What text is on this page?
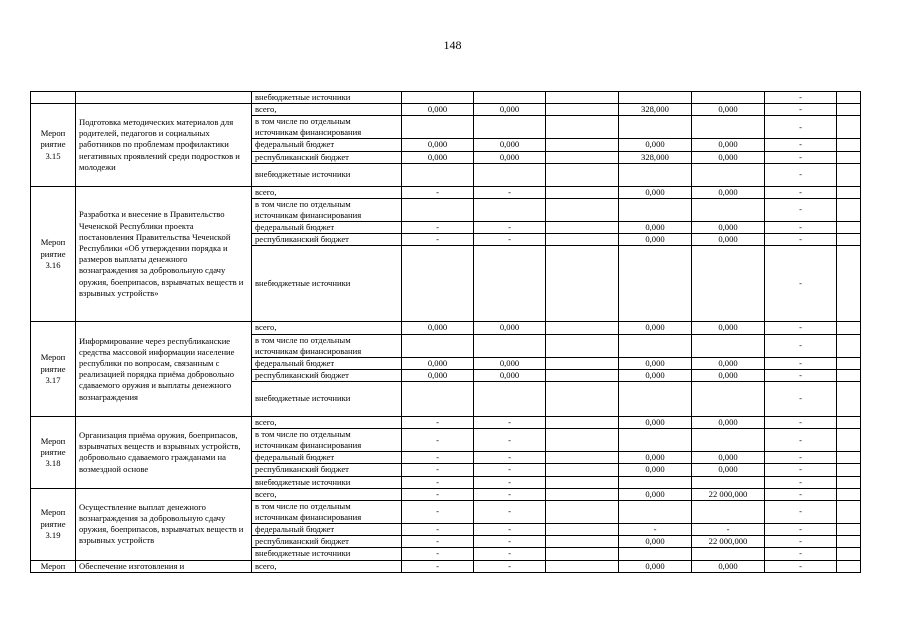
148
		внебюджетные источники						-	
Мероп риятие 3.15	Подготовка методических материалов для родителей, педагогов и социальных работников по проблемам профилактики негативных проявлений среди подростков и молодежи	всего,	0,000	0,000		328,000	0,000	-	

		в том числе по отдельным
источникам финансирования						-	
		федеральный бюджет	0,000	0,000		0,000	0,000	-	
		республиканский бюджет	0,000	0,000		328,000	0,000	-	
		внебюджетные источники						-	
Мероп риятие 3.16	Разработка и внесение в Правительство Чеченской Республики проекта постановления Правительства Чеченской Республики «Об утверждении порядка и размеров выплаты денежного вознаграждения за добровольную сдачу оружия, боеприпасов, взрывчатых веществ и взрывных устройств»	всего,	-	-		0,000	0,000	-	

		в том числе по отдельным
источникам финансирования						-	
		федеральный бюджет	-	-		0,000	0,000	-	
		республиканский бюджет	-	-		0,000	0,000	-	
		внебюджетные источники						-	
Мероп риятие 3.17	Информирование через республиканские средства массовой информации население республики по вопросам, связанным с реализацией порядка приёма добровольно сдаваемого оружия и выплаты денежного вознаграждения	всего,	0,000	0,000		0,000	0,000	-	

		в том числе по отдельным
источникам финансирования						-	
		федеральный бюджет	0,000	0,000		0,000	0,000	-	
		республиканский бюджет	0,000	0,000		0,000	0,000	-	
		внебюджетные источники						-	
Мероп риятие 3.18	Организация приёма оружия, боеприпасов, взрывчатых веществ и взрывных устройств, добровольно сдаваемого гражданами на возмездной основе	всего,	-	-		0,000	0,000	-	

		в том числе по отдельным
источникам финансирования	-	-				-	
		федеральный бюджет	-	-		0,000	0,000	-	
		республиканский бюджет	-	-		0,000	0,000	-	
		внебюджетные источники	-	-				-	
Мероп риятие 3.19	Осуществление выплат денежного вознаграждения за добровольную сдачу оружия, боеприпасов, взрывчатых веществ и взрывных устройств	всего,	-	-		0,000	22 000,000	-	

		в том числе по отдельным
источникам финансирования	-	-				-	
		федеральный бюджет	-	-		-	-	-	
		республиканский бюджет	-	-		0,000	22 000,000	-	
		внебюджетные источники	-	-				-	
Мероп	Обеспечение изготовления и	всего,	-	-		0,000	0,000	-	
